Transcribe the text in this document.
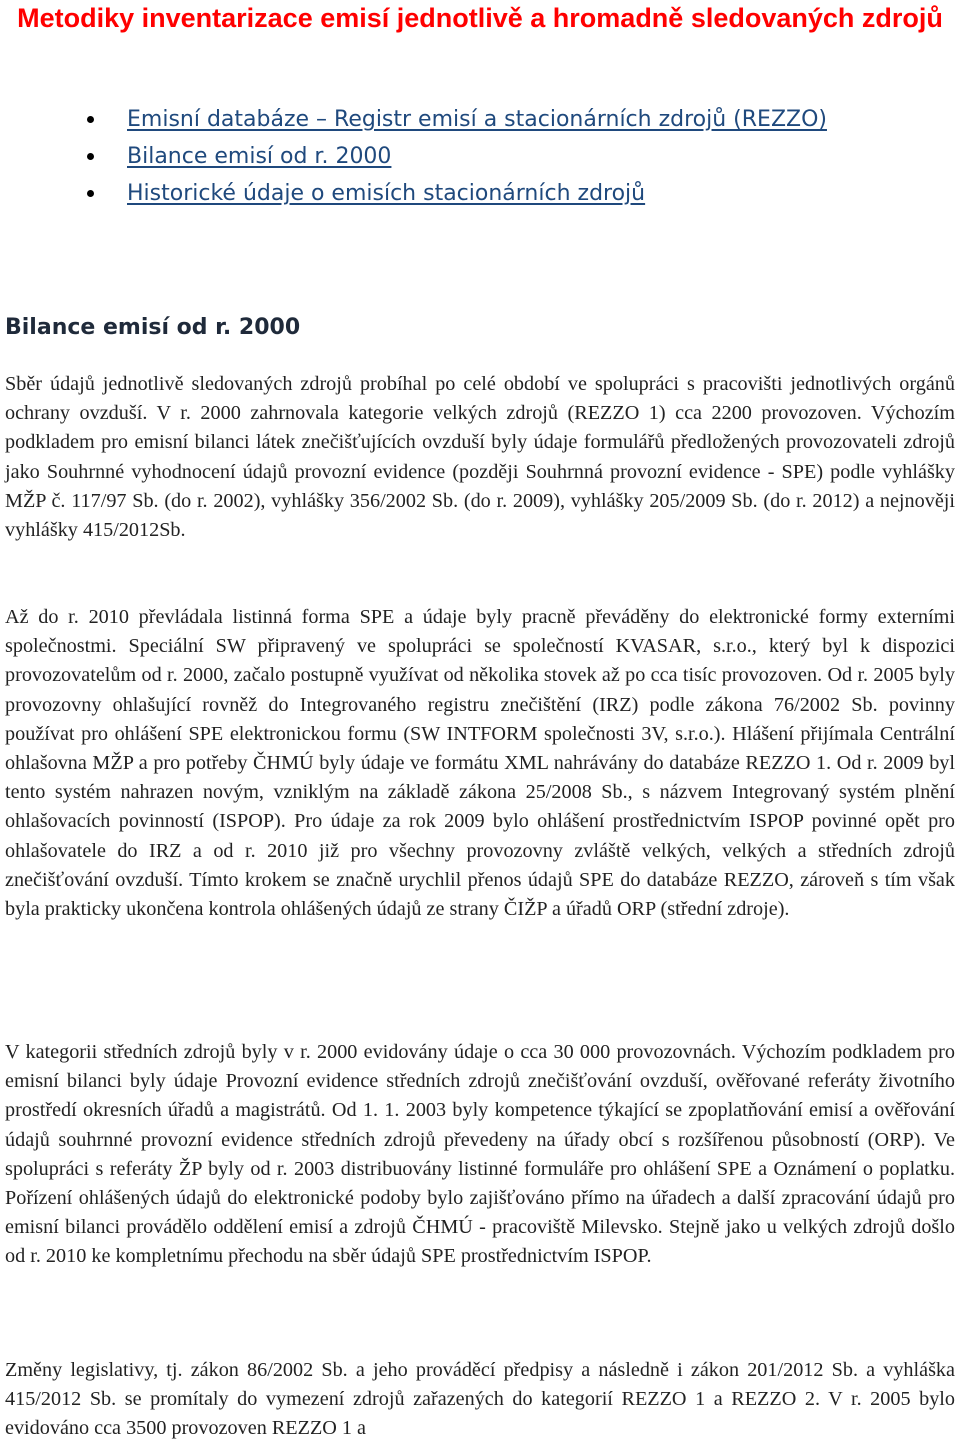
Metodiky inventarizace emisí jednotlivě a hromadně sledovaných zdrojů
Emisní databáze – Registr emisí a stacionárních zdrojů (REZZO)
Bilance emisí od r. 2000
Historické údaje o emisích stacionárních zdrojů
Bilance emisí od r. 2000

Sběr údajů jednotlivě sledovaných zdrojů probíhal po celé období ve spolupráci s pracovišti jednotlivých orgánů ochrany ovzduší. V r. 2000 zahrnovala kategorie velkých zdrojů (REZZO 1) cca 2200 provozoven. Výchozím podkladem pro emisní bilanci látek znečišťujících ovzduší byly údaje formulářů předložených provozovateli zdrojů jako Souhrnné vyhodnocení údajů provozní evidence (později Souhrnná provozní evidence - SPE) podle vyhlášky MŽP č. 117/97 Sb. (do r. 2002), vyhlášky 356/2002 Sb. (do r. 2009), vyhlášky 205/2009 Sb. (do r. 2012) a nejnověji vyhlášky 415/2012Sb.

Až do r. 2010 převládala listinná forma SPE a údaje byly pracně převáděny do elektronické formy externími společnostmi. Speciální SW připravený ve spolupráci se společností KVASAR, s.r.o., který byl k dispozici provozovatelům od r. 2000, začalo postupně využívat od několika stovek až po cca tisíc provozoven. Od r. 2005 byly provozovny ohlašující rovněž do Integrovaného registru znečištění (IRZ) podle zákona 76/2002 Sb. povinny používat pro ohlášení SPE elektronickou formu (SW INTFORM společnosti 3V, s.r.o.). Hlášení přijímala Centrální ohlašovna MŽP a pro potřeby ČHMÚ byly údaje ve formátu XML nahrávány do databáze REZZO 1. Od r. 2009 byl tento systém nahrazen novým, vzniklým na základě zákona 25/2008 Sb., s názvem Integrovaný systém plnění ohlašovacích povinností (ISPOP). Pro údaje za rok 2009 bylo ohlášení prostřednictvím ISPOP povinné opět pro ohlašovatele do IRZ a od r. 2010 již pro všechny provozovny zvláště velkých, velkých a středních zdrojů znečišťování ovzduší. Tímto krokem se značně urychlil přenos údajů SPE do databáze REZZO, zároveň s tím však byla prakticky ukončena kontrola ohlášených údajů ze strany ČIŽP a úřadů ORP (střední zdroje).

V kategorii středních zdrojů byly v r. 2000 evidovány údaje o cca 30 000 provozovnách. Výchozím podkladem pro emisní bilanci byly údaje Provozní evidence středních zdrojů znečišťování ovzduší, ověřované referáty životního prostředí okresních úřadů a magistrátů. Od 1. 1. 2003 byly kompetence týkající se zpoplatňování emisí a ověřování údajů souhrnné provozní evidence středních zdrojů převedeny na úřady obcí s rozšířenou působností (ORP). Ve spolupráci s referáty ŽP byly od r. 2003 distribuovány listinné formuláře pro ohlášení SPE a Oznámení o poplatku. Pořízení ohlášených údajů do elektronické podoby bylo zajišťováno přímo na úřadech a další zpracování údajů pro emisní bilanci provádělo oddělení emisí a zdrojů ČHMÚ - pracoviště Milevsko. Stejně jako u velkých zdrojů došlo od r. 2010 ke kompletnímu přechodu na sběr údajů SPE prostřednictvím ISPOP.

Změny legislativy, tj. zákon 86/2002 Sb. a jeho prováděcí předpisy a následně i zákon 201/2012 Sb. a vyhláška 415/2012 Sb. se promítaly do vymezení zdrojů zařazených do kategorií REZZO 1 a REZZO 2. V r. 2005 bylo evidováno cca 3500 provozoven REZZO 1 a
